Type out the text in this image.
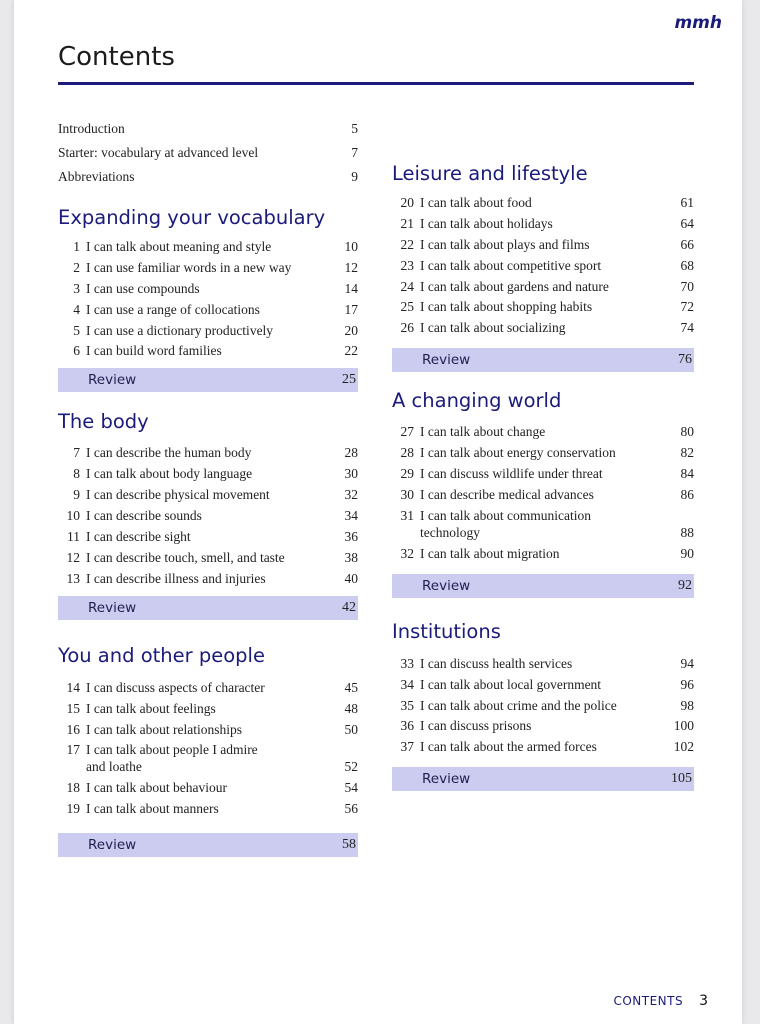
mmh
Contents
Introduction	5
Starter: vocabulary at advanced level	7
Abbreviations	9
Expanding your vocabulary
1 I can talk about meaning and style	10
2 I can use familiar words in a new way	12
3 I can use compounds	14
4 I can use a range of collocations	17
5 I can use a dictionary productively	20
6 I can build word families	22
Review	25
The body
7 I can describe the human body	28
8 I can talk about body language	30
9 I can describe physical movement	32
10 I can describe sounds	34
11 I can describe sight	36
12 I can describe touch, smell, and taste	38
13 I can describe illness and injuries	40
Review	42
You and other people
14 I can discuss aspects of character	45
15 I can talk about feelings	48
16 I can talk about relationships	50
17 I can talk about people I admire and loathe	52
18 I can talk about behaviour	54
19 I can talk about manners	56
Review	58
Leisure and lifestyle
20 I can talk about food	61
21 I can talk about holidays	64
22 I can talk about plays and films	66
23 I can talk about competitive sport	68
24 I can talk about gardens and nature	70
25 I can talk about shopping habits	72
26 I can talk about socializing	74
Review	76
A changing world
27 I can talk about change	80
28 I can talk about energy conservation	82
29 I can discuss wildlife under threat	84
30 I can describe medical advances	86
31 I can talk about communication technology	88
32 I can talk about migration	90
Review	92
Institutions
33 I can discuss health services	94
34 I can talk about local government	96
35 I can talk about crime and the police	98
36 I can discuss prisons	100
37 I can talk about the armed forces	102
Review	105
CONTENTS 3
